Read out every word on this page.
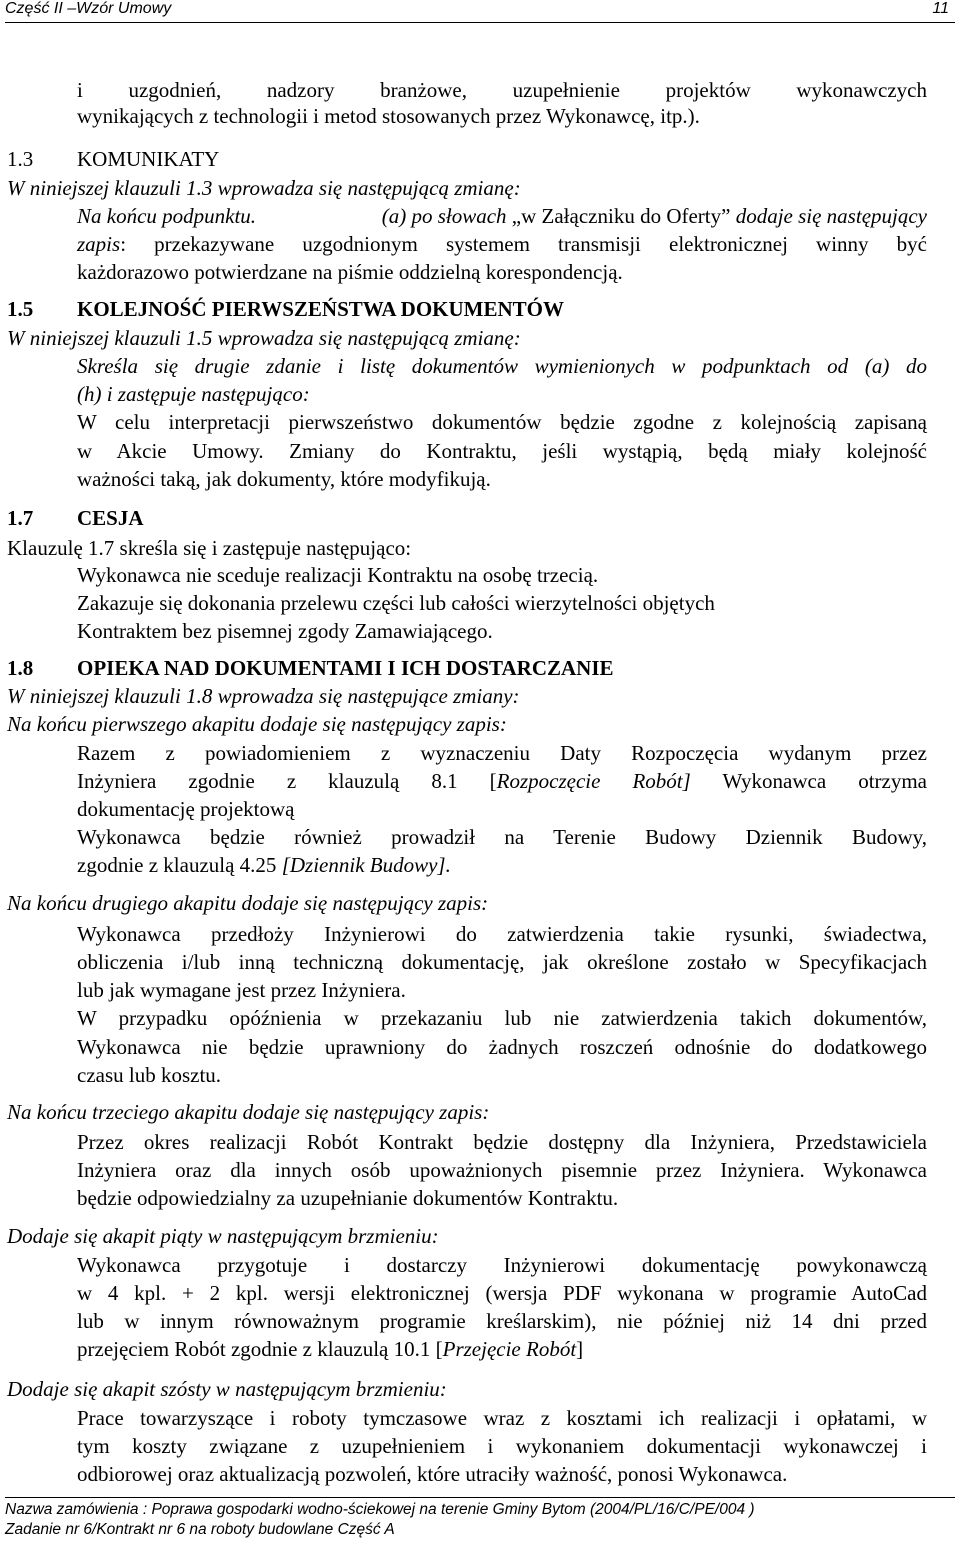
Część II –Wzór Umowy	11
i uzgodnień, nadzory branżowe, uzupełnienie projektów wykonawczych
wynikających z technologii i metod stosowanych przez Wykonawcę, itp.).
1.3 KOMUNIKATY
W niniejszej klauzuli 1.3 wprowadza się następującą zmianę:
Na końcu podpunktu.	(a) po słowach „w Załączniku do Oferty” dodaje się następujący
zapis: przekazywane uzgodnionym systemem transmisji elektronicznej winny być
każdorazowo potwierdzane na piśmie oddzielną korespondencją.
1.5 KOLEJNOŚĆ PIERWSZEŃSTWA DOKUMENTÓW
W niniejszej klauzuli 1.5 wprowadza się następującą zmianę:
Skreśla się drugie zdanie i listę dokumentów wymienionych w podpunktach od (a) do
(h) i zastępuje następująco:
W celu interpretacji pierwszeństwo dokumentów będzie zgodne z kolejnością zapisaną
w Akcie Umowy. Zmiany do Kontraktu, jeśli wystąpią, będą miały kolejność
ważności taką, jak dokumenty, które modyfikują.
1.7 CESJA
Klauzulę 1.7 skreśla się i zastępuje następująco:
Wykonawca nie sceduje realizacji Kontraktu na osobę trzecią.
Zakazuje się dokonania przelewu części lub całości wierzytelności objętych
Kontraktem bez pisemnej zgody Zamawiającego.
1.8 OPIEKA NAD DOKUMENTAMI I ICH DOSTARCZANIE
W niniejszej klauzuli 1.8 wprowadza się następujące zmiany:
Na końcu pierwszego akapitu dodaje się następujący zapis:
Razem z powiadomieniem z wyznaczeniu Daty Rozpoczęcia wydanym przez
Inżyniera zgodnie z klauzulą 8.1 [Rozpoczęcie Robót] Wykonawca otrzyma
dokumentację projektową
Wykonawca będzie również prowadził na Terenie Budowy Dziennik Budowy,
zgodnie z klauzulą 4.25 [Dziennik Budowy].
Na końcu drugiego akapitu dodaje się następujący zapis:
Wykonawca przedłoży Inżynierowi do zatwierdzenia takie rysunki, świadectwa,
obliczenia i/lub inną techniczną dokumentację, jak określone zostało w Specyfikacjach
lub jak wymagane jest przez Inżyniera.
W przypadku opóźnienia w przekazaniu lub nie zatwierdzenia takich dokumentów,
Wykonawca nie będzie uprawniony do żadnych roszczeń odnośnie do dodatkowego
czasu lub kosztu.
Na końcu trzeciego akapitu dodaje się następujący zapis:
Przez okres realizacji Robót Kontrakt będzie dostępny dla Inżyniera, Przedstawiciela
Inżyniera oraz dla innych osób upoważnionych pisemnie przez Inżyniera. Wykonawca
będzie odpowiedzialny za uzupełnianie dokumentów Kontraktu.
Dodaje się akapit piąty w następującym brzmieniu:
Wykonawca przygotuje i dostarczy Inżynierowi dokumentację powykonawczą
w 4 kpl. + 2 kpl. wersji elektronicznej (wersja PDF wykonana w programie AutoCad
lub w innym równoważnym programie kreślarskim), nie później niż 14 dni przed
przejęciem Robót zgodnie z klauzulą 10.1 [Przejęcie Robót]
Dodaje się akapit szósty w następującym brzmieniu:
Prace towarzyszące i roboty tymczasowe wraz z kosztami ich realizacji i opłatami, w
tym koszty związane z uzupełnieniem i wykonaniem dokumentacji wykonawczej i
odbiorowej oraz aktualizacją pozwoleń, które utraciły ważność, ponosi Wykonawca.
Nazwa zamówienia : Poprawa gospodarki wodno-ściekowej na terenie Gminy Bytom (2004/PL/16/C/PE/004 )
Zadanie nr 6/Kontrakt nr 6 na roboty budowlane Część A
